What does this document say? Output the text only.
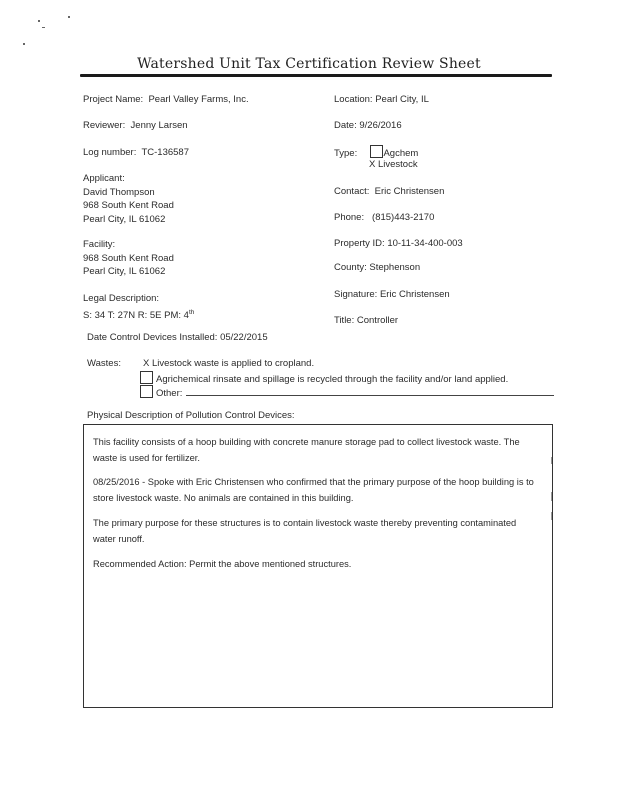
Watershed Unit Tax Certification Review Sheet
Project Name: Pearl Valley Farms, Inc.
Reviewer: Jenny Larsen
Log number: TC-136587
Applicant:
David Thompson
968 South Kent Road
Pearl City, IL 61062
Facility:
968 South Kent Road
Pearl City, IL 61062
Legal Description:
S: 34 T: 27N R: 5E PM: 4th
Date Control Devices Installed: 05/22/2015
Location: Pearl City, IL
Date: 9/26/2016
Type:	Agchem
X Livestock
Contact: Eric Christensen
Phone: (815)443-2170
Property ID: 10-11-34-400-003
County: Stephenson
Signature: Eric Christensen
Title: Controller
Wastes: X Livestock waste is applied to cropland.
Agrichemical rinsate and spillage is recycled through the facility and/or land applied.
Other:
Physical Description of Pollution Control Devices:
This facility consists of a hoop building with concrete manure storage pad to collect livestock waste. The waste is used for fertilizer.
08/25/2016 - Spoke with Eric Christensen who confirmed that the primary purpose of the hoop building is to store livestock waste. No animals are contained in this building.
The primary purpose for these structures is to contain livestock waste thereby preventing contaminated water runoff.
Recommended Action: Permit the above mentioned structures.
